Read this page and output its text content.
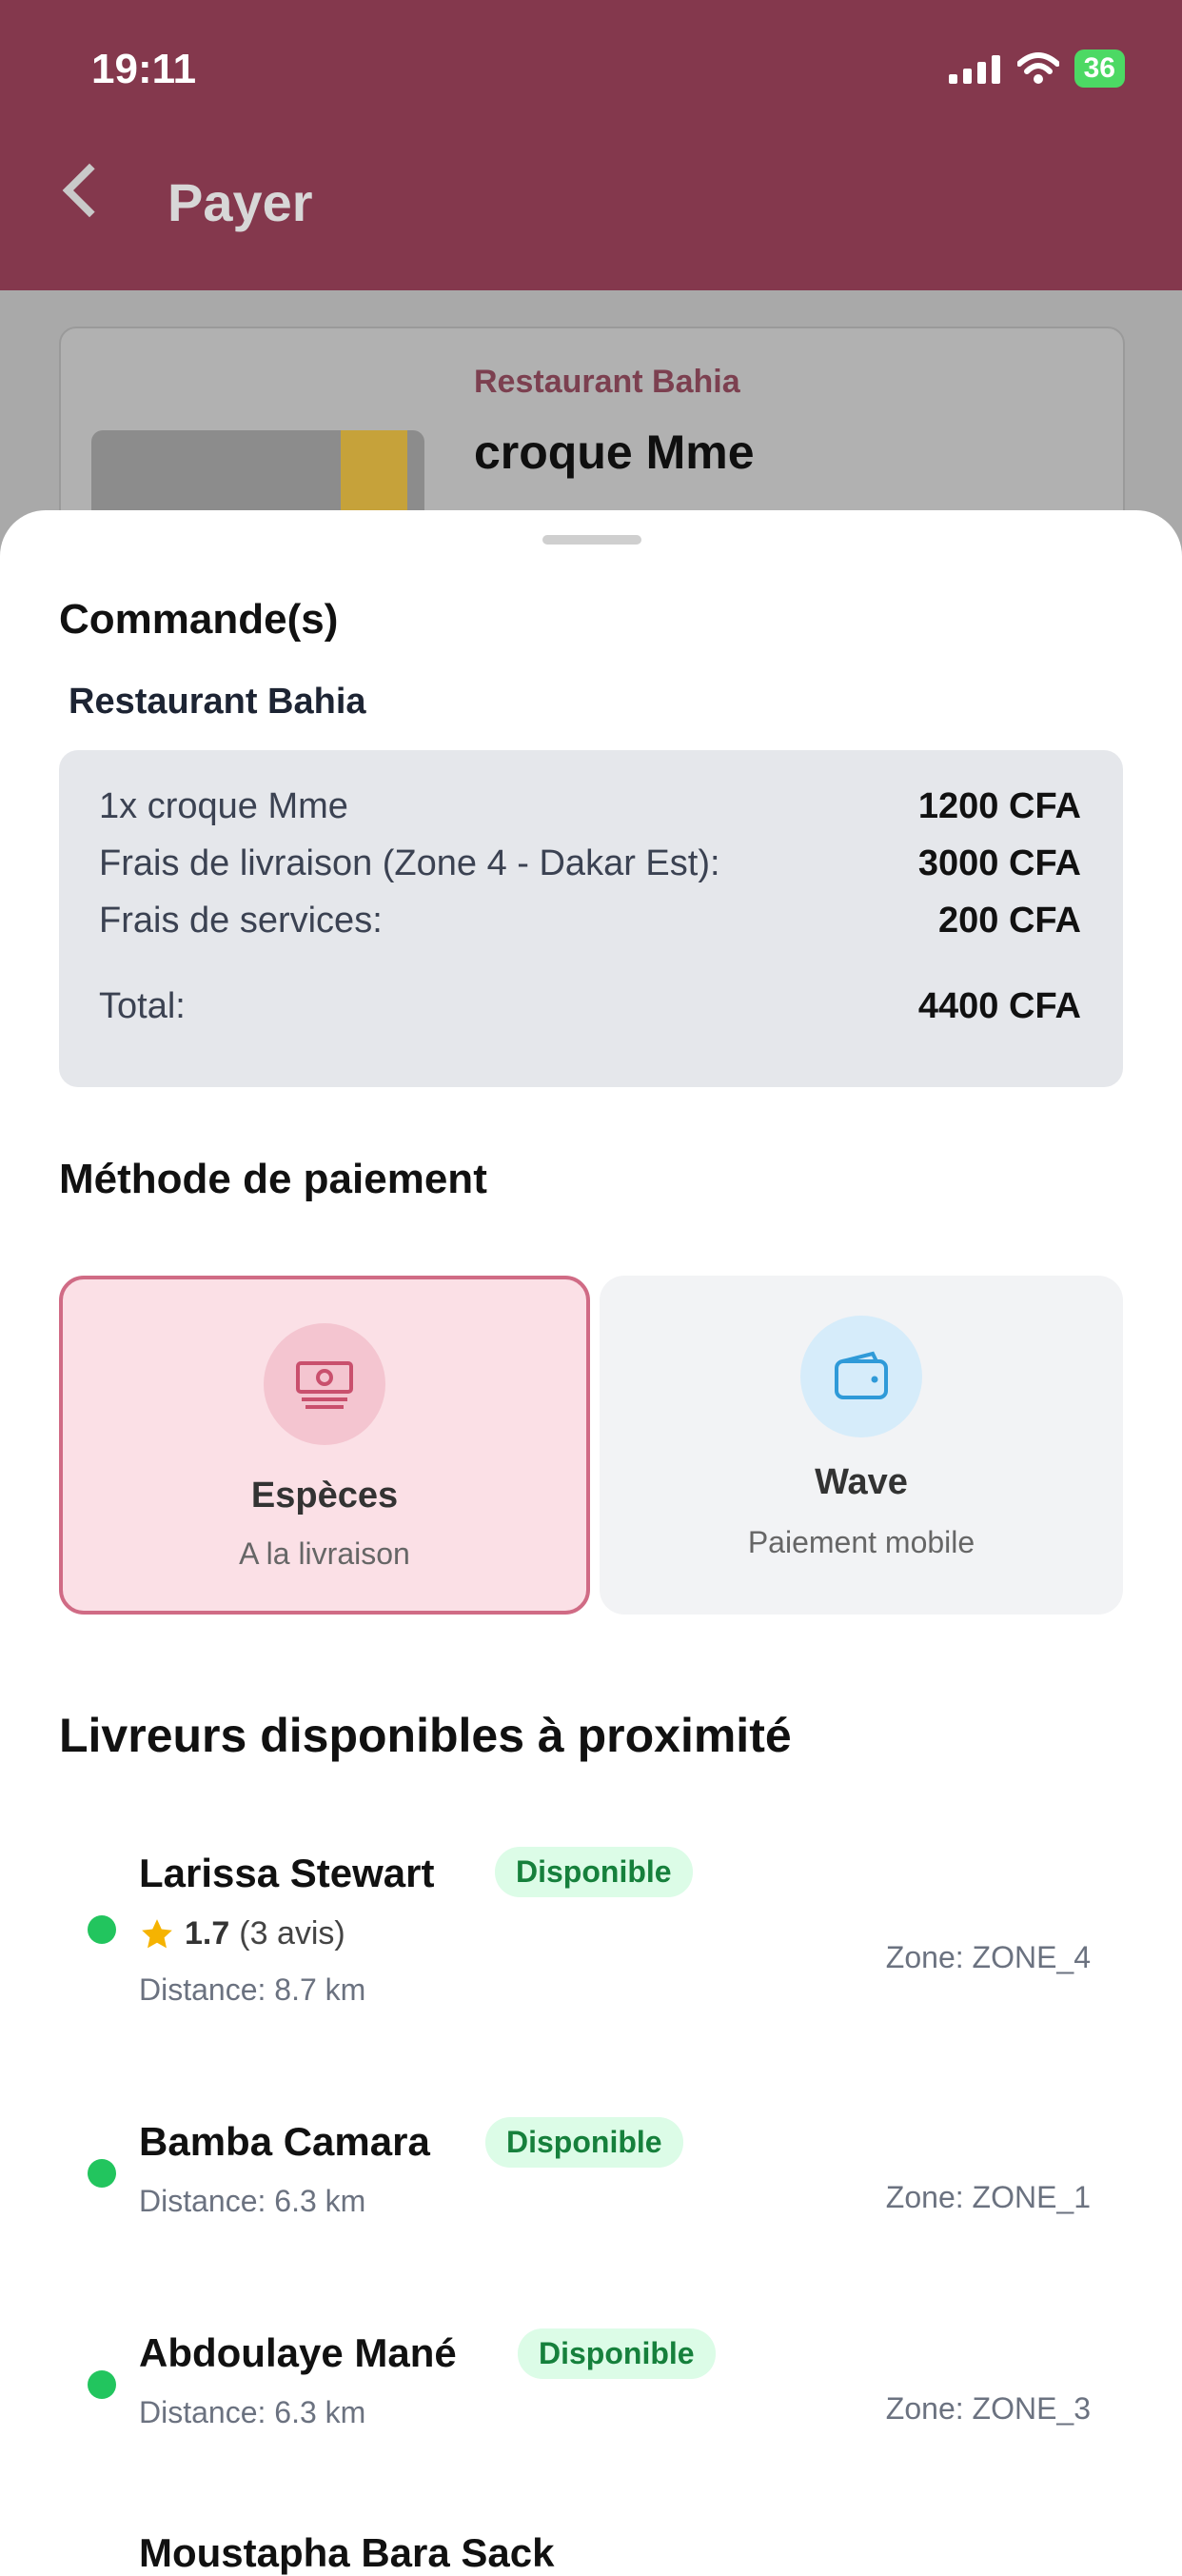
19:11	36
Payer
Restaurant Bahia
croque Mme
Commande(s)
Restaurant Bahia
1x croque Mme	1200 CFA
Frais de livraison (Zone 4 - Dakar Est):	3000 CFA
Frais de services:	200 CFA
Total:	4400 CFA
Méthode de paiement
Espèces
A la livraison
Wave
Paiement mobile
Livreurs disponibles à proximité
Larissa Stewart	Disponible
1.7 (3 avis)
Distance: 8.7 km
Zone: ZONE_4
Bamba Camara	Disponible
Distance: 6.3 km	Zone: ZONE_1
Abdoulaye Mané	Disponible
Distance: 6.3 km	Zone: ZONE_3
Moustapha Bara Sack
